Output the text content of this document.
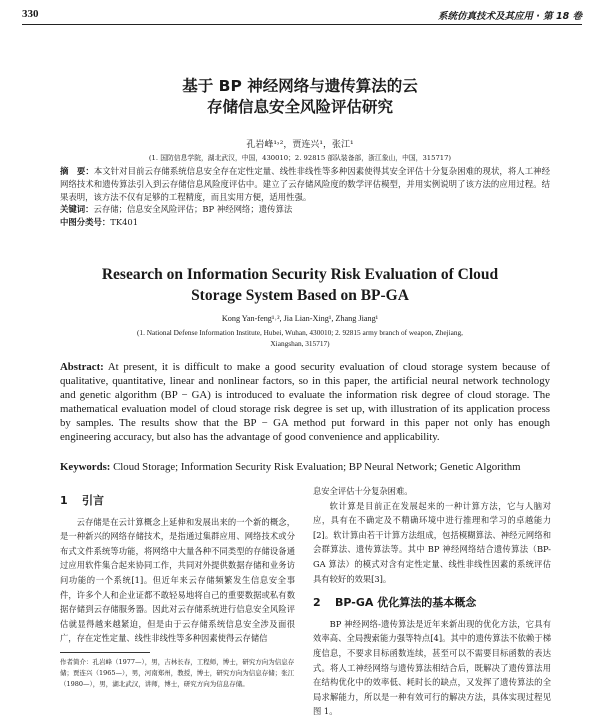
330	系统仿真技术及其应用 · 第 18 卷
基于 BP 神经网络与遗传算法的云
存储信息安全风险评估研究
孔岩峰¹˒²，贾连兴¹，张江¹
(1. 国防信息学院，湖北武汉，中国，430010；2. 92815 部队装备部，浙江象山，中国，315717)
摘　要：本文针对目前云存储系统信息安全存在定性定量、线性非线性等多种因素使得其安全评估十分复杂困难的现状，将人工神经网络技术和遗传算法引入到云存储信息风险度评估中。建立了云存储风险度的数学评估模型，并用实例说明了该方法的应用过程。结果表明，该方法不仅有足够的工程精度，而且实用方便，适用性强。
关键词：云存储；信息安全风险评估；BP 神经网络；遗传算法
中图分类号：TK401
Research on Information Security Risk Evaluation of Cloud
Storage System Based on BP-GA
Kong Yan-feng¹˒², Jia Lian-Xing¹, Zhang Jiang¹
(1. National Defense Information Institute, Hubei, Wuhan, 430010; 2. 92815 army branch of weapon, Zhejiang, Xiangshan, 315717)
Abstract: At present, it is difficult to make a good security evaluation of cloud storage system because of qualitative, quantitative, linear and nonlinear factors, so in this paper, the artificial neural network technology and genetic algorithm (BP − GA) is introduced to evaluate the information risk degree of cloud storage. The mathematical evaluation model of cloud storage risk degree is set up, with illustration of its application process by samples. The results show that the BP − GA method put forward in this paper not only has enough engineering accuracy, but also has the advantage of good convenience and applicability.
Keywords: Cloud Storage; Information Security Risk Evaluation; BP Neural Network; Genetic Algorithm
1 引言

云存储是在云计算概念上延伸和发展出来的一个新的概念，是一种新兴的网络存储技术，是指通过集群应用、网络技术或分布式文件系统等功能，将网络中大量各种不同类型的存储设备通过应用软件集合起来协同工作，共同对外提供数据存储和业务访问功能的一个系统[1]。但近年来云存储频繁发生信息安全事件，许多个人和企业证都不敢轻易地将自己的重要数据或私有数据存储到云存储服务器。因此对云存储系统进行信息安全风险评估就显得越来越紧迫，但是由于云存储系统信息安全涉及面很广，存在定性定量、线性非线性等多种因素使得云存储信

息安全评估十分复杂困难。

软计算是目前正在发展起来的一种计算方法，它与人脑对应，具有在不确定及不精确环境中进行推理和学习的卓越能力[2]。软计算由若干计算方法组成，包括模糊算法、神经元网络和会群算法、遗传算法等。其中 BP 神经网络结合遗传算法（BP-GA 算法）的模式对含有定性定量、线性非线性因素的系统评估具有较好的效果[3]。

2 BP-GA 优化算法的基本概念

BP 神经网络-遗传算法是近年来新出现的优化方法，它具有效率高、全局搜索能力强等特点[4]。其中的遗传算法不依赖于梯度信息，不要求目标函数连续，甚至可以不需要目标函数的表达式。将人工神经网络与遗传算法相结合后，既解决了遗传算法用在结构优化中的效率低、耗时长的缺点，又发挥了遗传算法的全局求解能力，所以是一种有效可行的解决方法，具体实现过程见图 1。

作者简介：孔岩峰（1977—），男，吉林长春，工程师，博士，研究方向为信息存储；贾连兴（1965—），男，河南郑州，教授，博士，研究方向为信息存储；张江（1980—），男，湖北武汉，讲师，博士，研究方向为信息存储。
